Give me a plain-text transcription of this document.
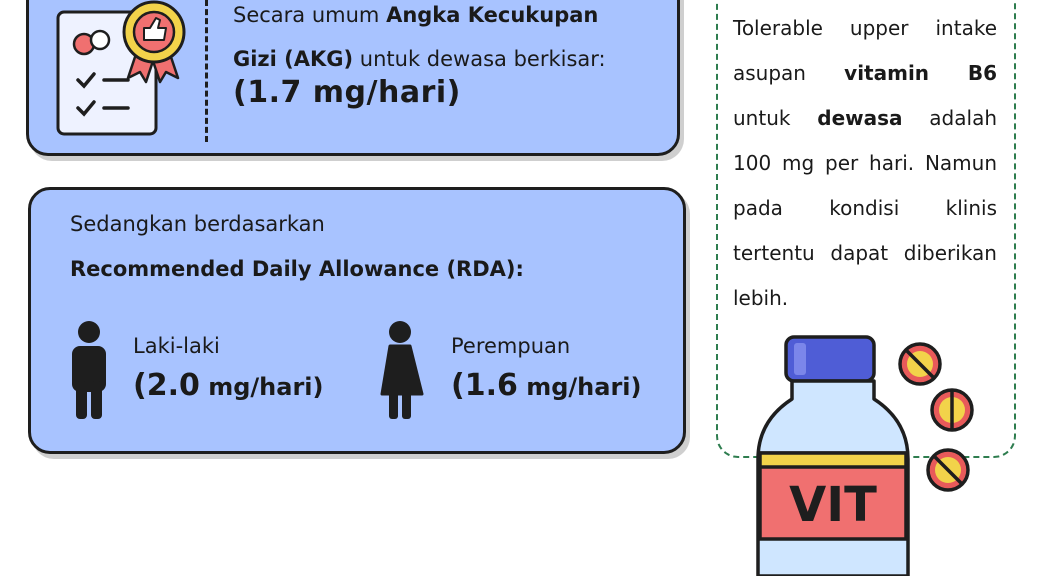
Secara umum Angka Kecukupan
Gizi (AKG) untuk dewasa berkisar:
(1.7 mg/hari)
Sedangkan berdasarkan
Recommended Daily Allowance (RDA):
Laki-laki
(2.0 mg/hari)
Perempuan
(1.6 mg/hari)
Tolerable upper intake asupan vitamin B6 untuk dewasa adalah 100 mg per hari. Namun pada kondisi klinis tertentu dapat diberikan lebih.
VIT
